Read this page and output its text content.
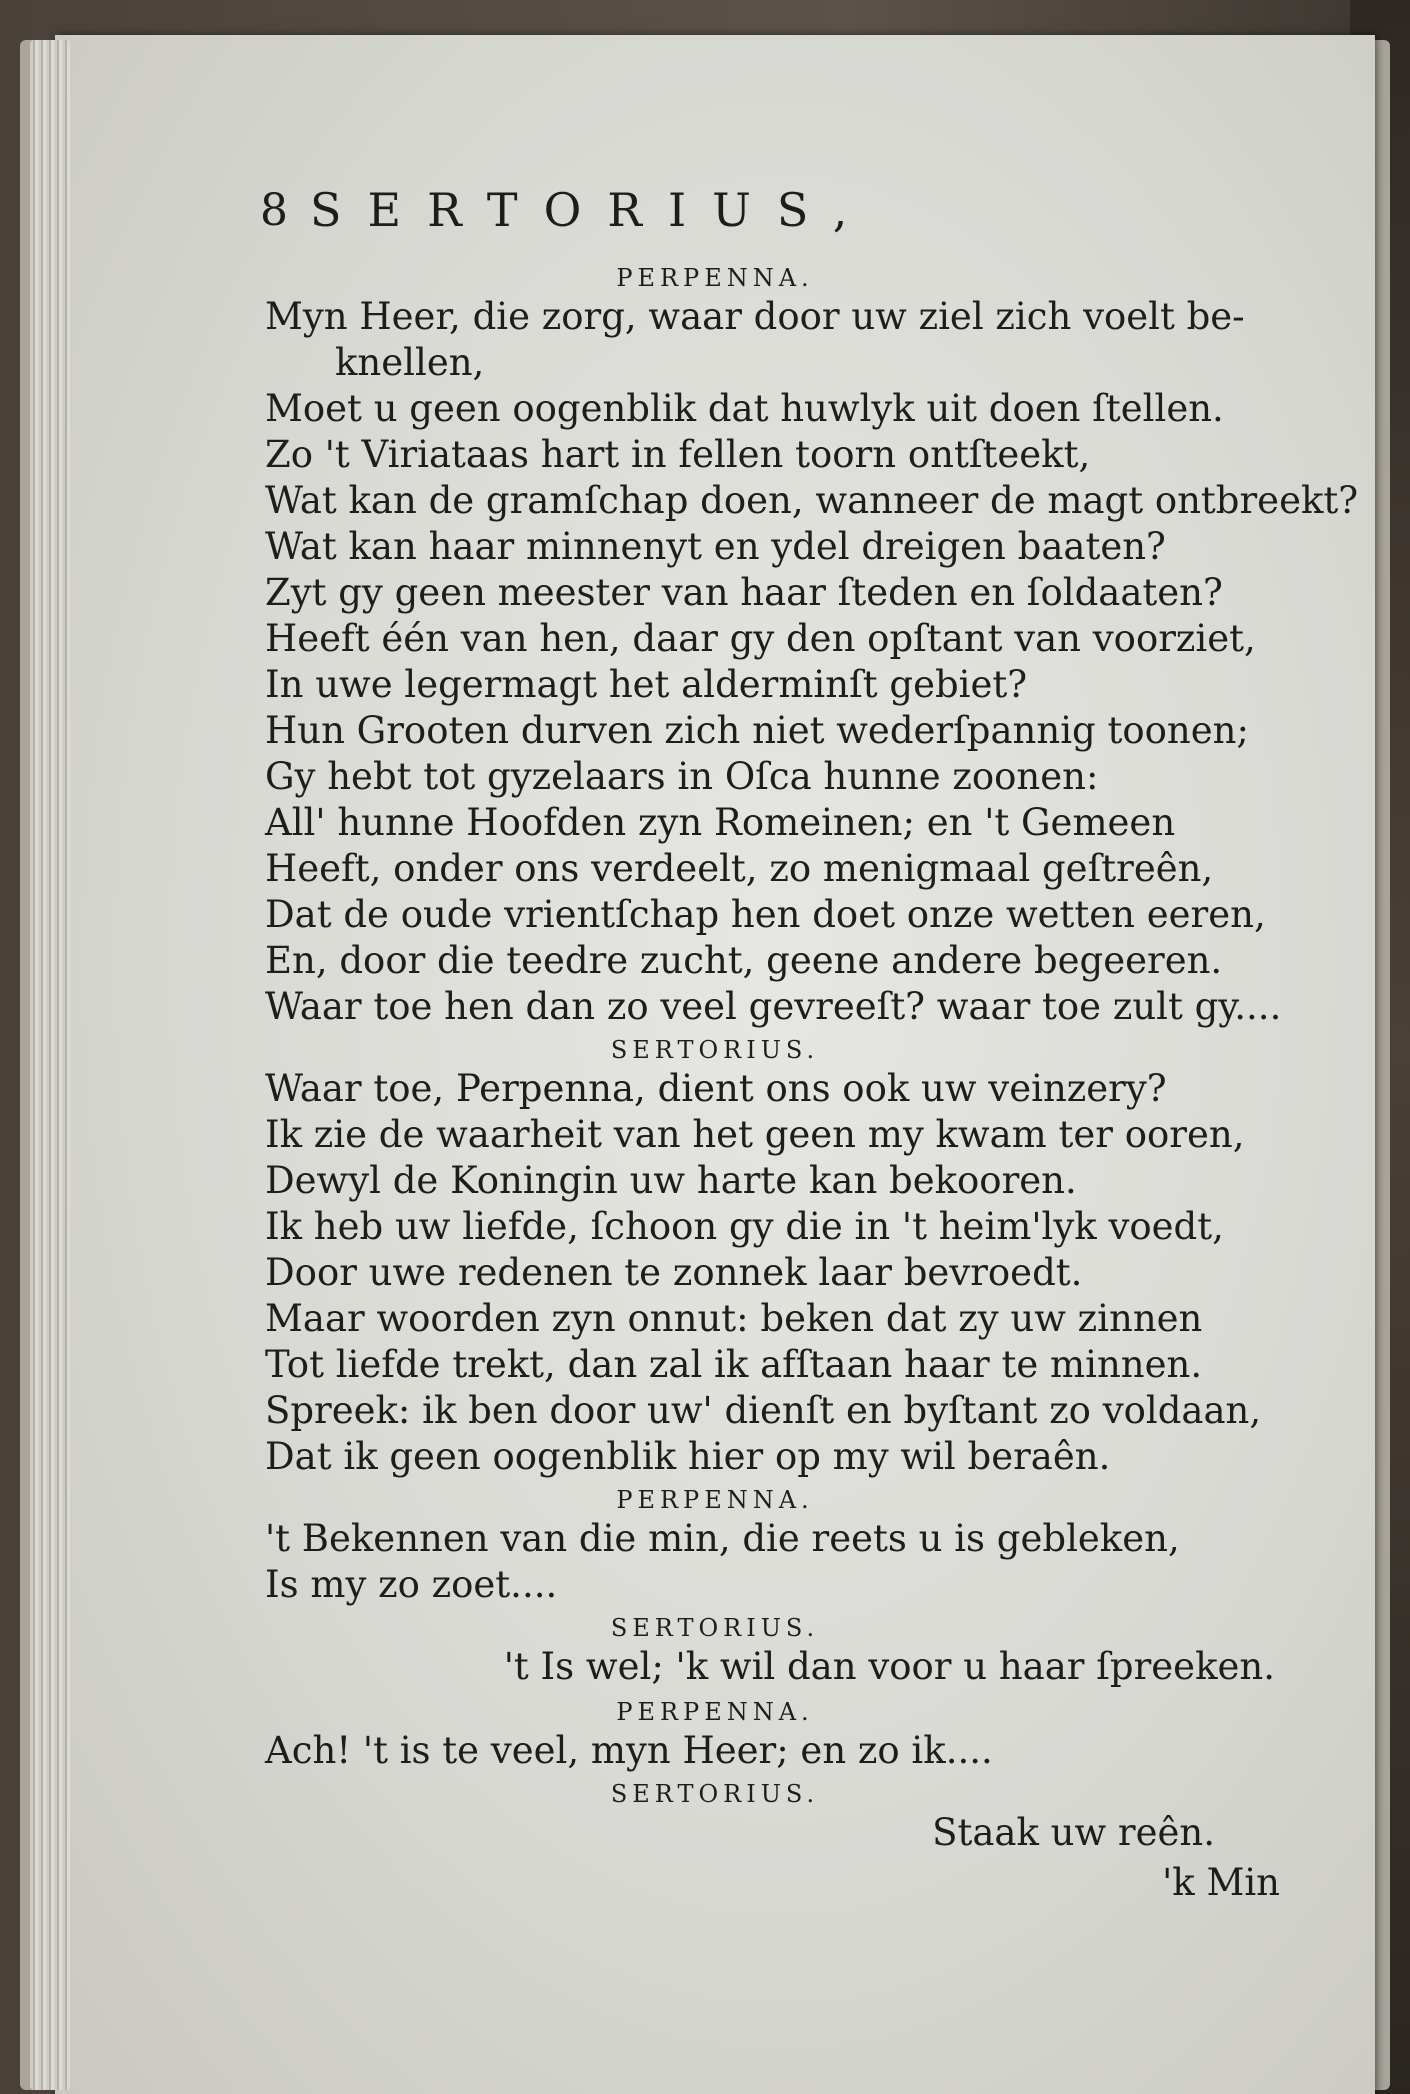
8 SERTORIUS,
PERPENNA.
Myn Heer, die zorg, waar door uw ziel zich voelt be-
knellen,
Moet u geen oogenblik dat huwlyk uit doen ſtellen.
Zo 't Viriataas hart in fellen toorn ontſteekt,
Wat kan de gramſchap doen, wanneer de magt ontbreekt?
Wat kan haar minnenyt en ydel dreigen baaten?
Zyt gy geen meester van haar ſteden en ſoldaaten?
Heeft één van hen, daar gy den opſtant van voorziet,
In uwe legermagt het alderminſt gebiet?
Hun Grooten durven zich niet wederſpannig toonen;
Gy hebt tot gyzelaars in Oſca hunne zoonen:
All' hunne Hoofden zyn Romeinen; en 't Gemeen
Heeft, onder ons verdeelt, zo menigmaal geſtreên,
Dat de oude vrientſchap hen doet onze wetten eeren,
En, door die teedre zucht, geene andere begeeren.
Waar toe hen dan zo veel gevreeſt? waar toe zult gy....
SERTORIUS.
Waar toe, Perpenna, dient ons ook uw veinzery?
Ik zie de waarheit van het geen my kwam ter ooren,
Dewyl de Koningin uw harte kan bekooren.
Ik heb uw liefde, ſchoon gy die in 't heim'lyk voedt,
Door uwe redenen te zonnek laar bevroedt.
Maar woorden zyn onnut: beken dat zy uw zinnen
Tot liefde trekt, dan zal ik afſtaan haar te minnen.
Spreek: ik ben door uw' dienſt en byſtant zo voldaan,
Dat ik geen oogenblik hier op my wil beraên.
PERPENNA.
't Bekennen van die min, die reets u is gebleken,
Is my zo zoet....
SERTORIUS.
't Is wel; 'k wil dan voor u haar ſpreeken.
PERPENNA.
Ach! 't is te veel, myn Heer; en zo ik....
SERTORIUS.
Staak uw reên.
'k Min
